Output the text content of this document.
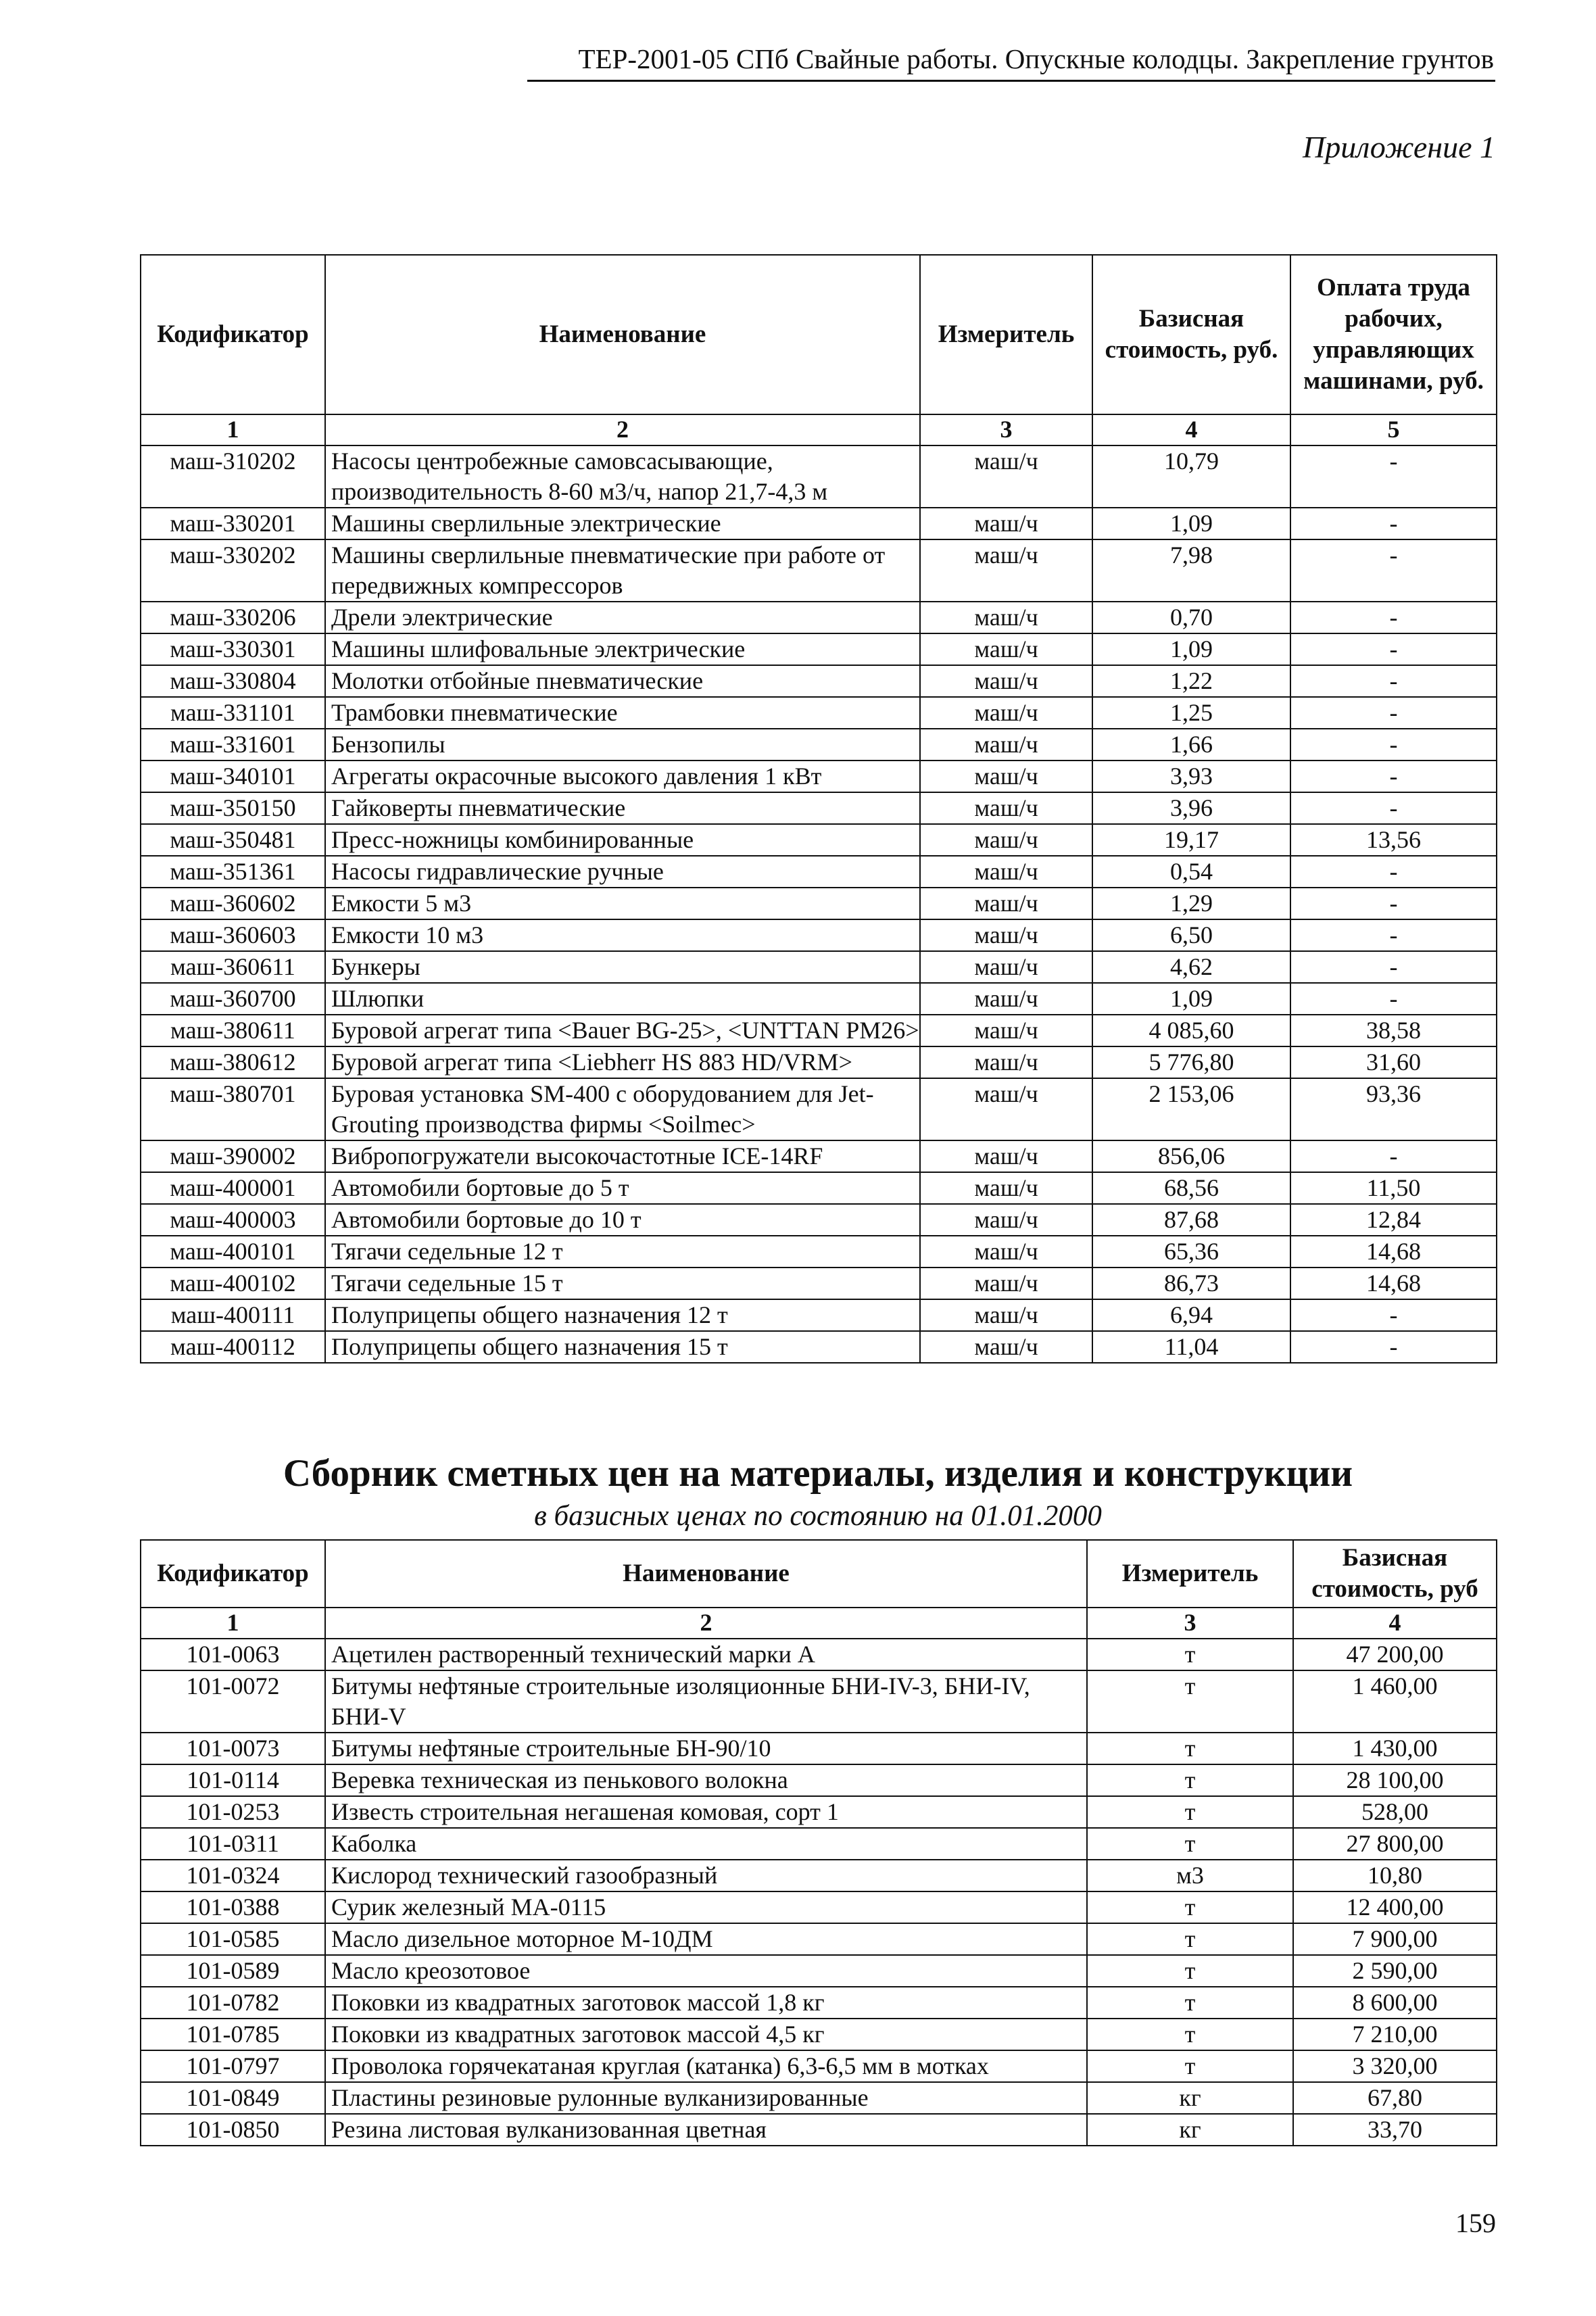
ТЕР-2001-05 СПб Свайные работы. Опускные колодцы. Закрепление грунтов
Приложение 1
Кодификатор	Наименование	Измеритель	Базисная стоимость, руб.	Оплата труда рабочих, управляющих машинами, руб.
1	2	3	4	5
маш-310202	Насосы центробежные самовсасывающие, производительность 8-60 м3/ч, напор 21,7-4,3 м	маш/ч	10,79	-
маш-330201	Машины сверлильные электрические	маш/ч	1,09	-
маш-330202	Машины сверлильные пневматические при работе от передвижных компрессоров	маш/ч	7,98	-
маш-330206	Дрели электрические	маш/ч	0,70	-
маш-330301	Машины шлифовальные электрические	маш/ч	1,09	-
маш-330804	Молотки отбойные пневматические	маш/ч	1,22	-
маш-331101	Трамбовки пневматические	маш/ч	1,25	-
маш-331601	Бензопилы	маш/ч	1,66	-
маш-340101	Агрегаты окрасочные высокого давления 1 кВт	маш/ч	3,93	-
маш-350150	Гайковерты пневматические	маш/ч	3,96	-
маш-350481	Пресс-ножницы комбинированные	маш/ч	19,17	13,56
маш-351361	Насосы гидравлические ручные	маш/ч	0,54	-
маш-360602	Емкости 5 м3	маш/ч	1,29	-
маш-360603	Емкости 10 м3	маш/ч	6,50	-
маш-360611	Бункеры	маш/ч	4,62	-
маш-360700	Шлюпки	маш/ч	1,09	-
маш-380611	Буровой агрегат типа <Bauer BG-25>, <UNTTAN PM26>	маш/ч	4 085,60	38,58
маш-380612	Буровой агрегат типа <Liebherr HS 883 HD/VRM>	маш/ч	5 776,80	31,60
маш-380701	Буровая установка SM-400 с оборудованием для Jet-Grouting производства фирмы <Soilmec>	маш/ч	2 153,06	93,36
маш-390002	Вибропогружатели высокочастотные ICE-14RF	маш/ч	856,06	-
маш-400001	Автомобили бортовые до 5 т	маш/ч	68,56	11,50
маш-400003	Автомобили бортовые до 10 т	маш/ч	87,68	12,84
маш-400101	Тягачи седельные 12 т	маш/ч	65,36	14,68
маш-400102	Тягачи седельные 15 т	маш/ч	86,73	14,68
маш-400111	Полуприцепы общего назначения 12 т	маш/ч	6,94	-
маш-400112	Полуприцепы общего назначения 15 т	маш/ч	11,04	-
Сборник сметных цен на материалы, изделия и конструкции
в базисных ценах по состоянию на 01.01.2000
Кодификатор	Наименование	Измеритель	Базисная стоимость, руб
1	2	3	4
101-0063	Ацетилен растворенный технический марки А	т	47 200,00
101-0072	Битумы нефтяные строительные изоляционные БНИ-IV-3, БНИ-IV, БНИ-V	т	1 460,00
101-0073	Битумы нефтяные строительные БН-90/10	т	1 430,00
101-0114	Веревка техническая из пенькового волокна	т	28 100,00
101-0253	Известь строительная негашеная комовая, сорт 1	т	528,00
101-0311	Каболка	т	27 800,00
101-0324	Кислород технический газообразный	м3	10,80
101-0388	Сурик железный МА-0115	т	12 400,00
101-0585	Масло дизельное моторное М-10ДМ	т	7 900,00
101-0589	Масло креозотовое	т	2 590,00
101-0782	Поковки из квадратных заготовок массой 1,8 кг	т	8 600,00
101-0785	Поковки из квадратных заготовок массой 4,5 кг	т	7 210,00
101-0797	Проволока горячекатаная круглая (катанка) 6,3-6,5 мм в мотках	т	3 320,00
101-0849	Пластины резиновые рулонные вулканизированные	кг	67,80
101-0850	Резина листовая вулканизованная цветная	кг	33,70
159
